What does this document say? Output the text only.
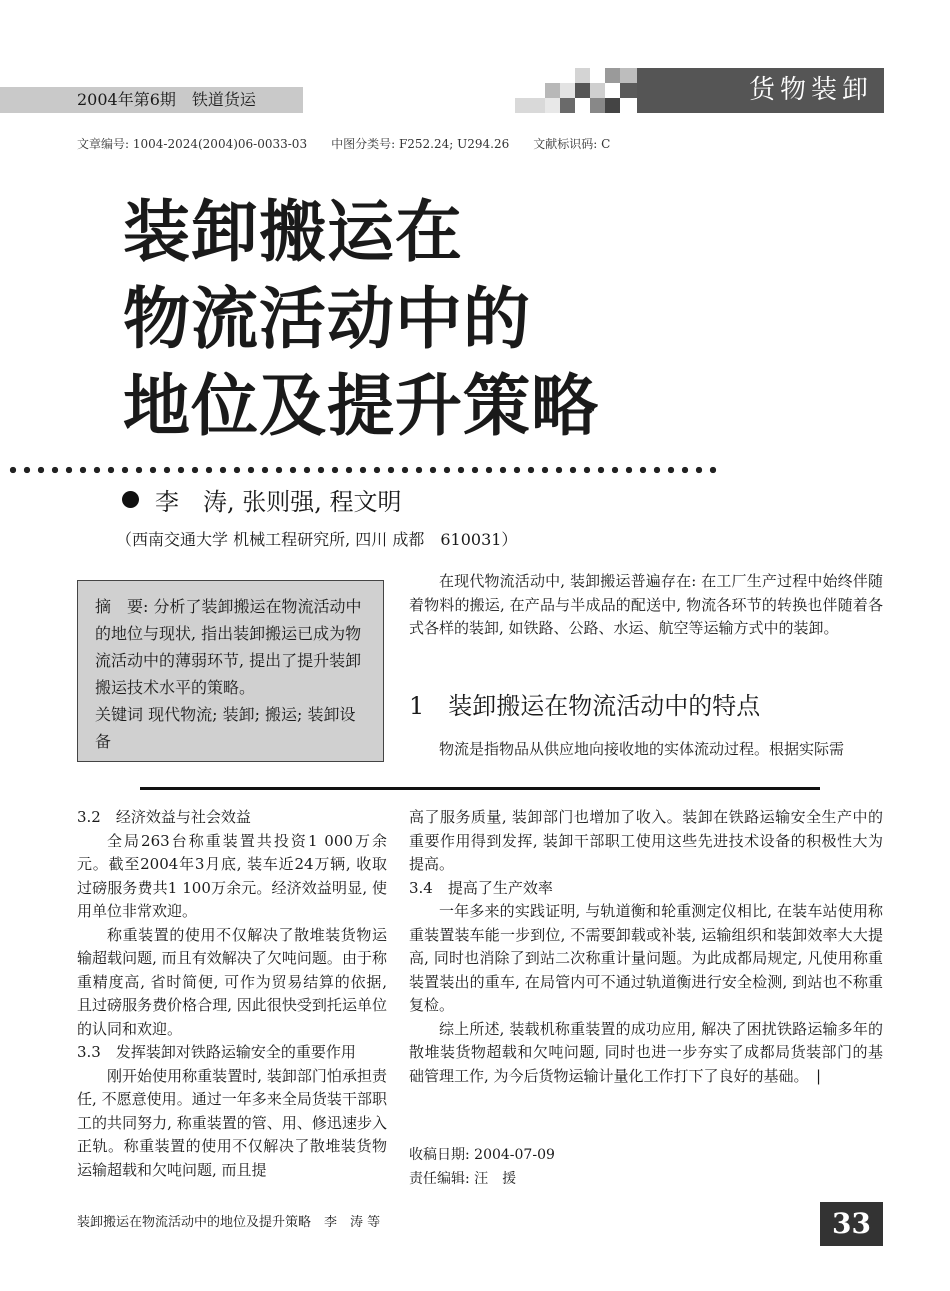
2004年第6期　铁道货运	货物装卸
文章编号: 1004-2024(2004)06-0033-03　　中图分类号: F252.24; U294.26　　文献标识码: C
装卸搬运在
物流活动中的
地位及提升策略
李　涛, 张则强, 程文明
（西南交通大学 机械工程研究所, 四川 成都　610031）
摘　要: 分析了装卸搬运在物流活动中的地位与现状, 指出装卸搬运已成为物流活动中的薄弱环节, 提出了提升装卸搬运技术水平的策略。
关键词 现代物流; 装卸; 搬运; 装卸设备
在现代物流活动中, 装卸搬运普遍存在: 在工厂生产过程中始终伴随着物料的搬运, 在产品与半成品的配送中, 物流各环节的转换也伴随着各式各样的装卸, 如铁路、公路、水运、航空等运输方式中的装卸。
1　装卸搬运在物流活动中的特点
物流是指物品从供应地向接收地的实体流动过程。根据实际需
3.2　经济效益与社会效益
全局263台称重装置共投资1 000万余元。截至2004年3月底, 装车近24万辆, 收取过磅服务费共1 100万余元。经济效益明显, 使用单位非常欢迎。
称重装置的使用不仅解决了散堆装货物运输超载问题, 而且有效解决了欠吨问题。由于称重精度高, 省时简便, 可作为贸易结算的依据, 且过磅服务费价格合理, 因此很快受到托运单位的认同和欢迎。
3.3　发挥装卸对铁路运输安全的重要作用
刚开始使用称重装置时, 装卸部门怕承担责任, 不愿意使用。通过一年多来全局货装干部职工的共同努力, 称重装置的管、用、修迅速步入正轨。称重装置的使用不仅解决了散堆装货物运输超载和欠吨问题, 而且提
高了服务质量, 装卸部门也增加了收入。装卸在铁路运输安全生产中的重要作用得到发挥, 装卸干部职工使用这些先进技术设备的积极性大为提高。
3.4　提高了生产效率
一年多来的实践证明, 与轨道衡和轮重测定仪相比, 在装车站使用称重装置装车能一步到位, 不需要卸载或补装, 运输组织和装卸效率大大提高, 同时也消除了到站二次称重计量问题。为此成都局规定, 凡使用称重装置装出的重车, 在局管内可不通过轨道衡进行安全检测, 到站也不称重复检。
综上所述, 装载机称重装置的成功应用, 解决了困扰铁路运输多年的散堆装货物超载和欠吨问题, 同时也进一步夯实了成都局货装部门的基础管理工作, 为今后货物运输计量化工作打下了良好的基础。　|
收稿日期: 2004-07-09
责任编辑: 汪　援
装卸搬运在物流活动中的地位及提升策略　李　涛 等	33
